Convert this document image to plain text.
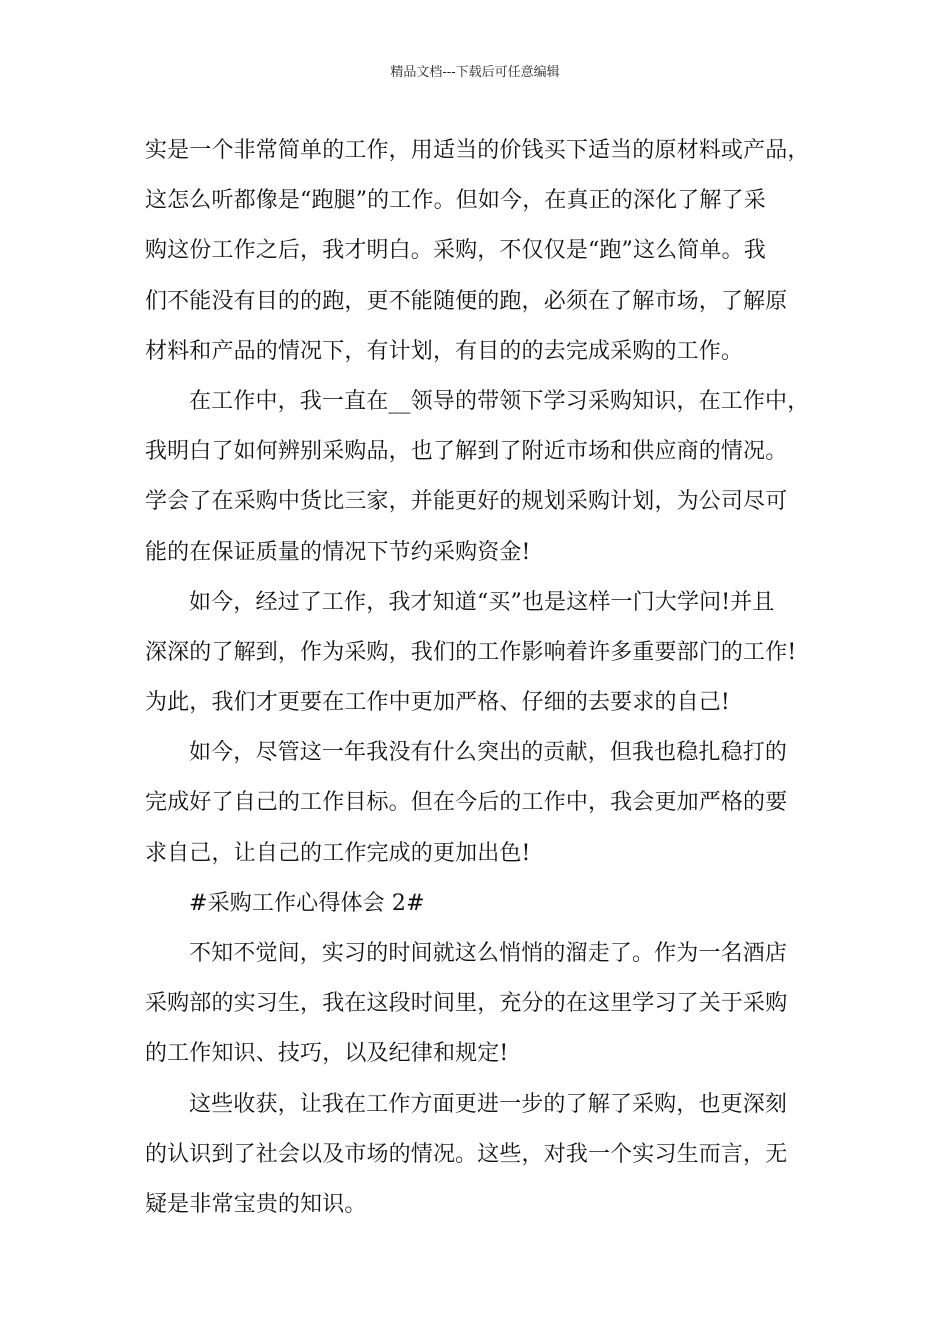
精品文档---下载后可任意编辑
实是一个非常简单的工作，用适当的价钱买下适当的原材料或产品，
这怎么听都像是“跑腿”的工作。但如今，在真正的深化了解了采
购这份工作之后，我才明白。采购，不仅仅是“跑”这么简单。我
们不能没有目的的跑，更不能随便的跑，必须在了解市场，了解原
材料和产品的情况下，有计划，有目的的去完成采购的工作。
在工作中，我一直在__领导的带领下学习采购知识，在工作中，
我明白了如何辨别采购品，也了解到了附近市场和供应商的情况。
学会了在采购中货比三家，并能更好的规划采购计划，为公司尽可
能的在保证质量的情况下节约采购资金!
如今，经过了工作，我才知道“买”也是这样一门大学问!并且
深深的了解到，作为采购，我们的工作影响着许多重要部门的工作!
为此，我们才更要在工作中更加严格、仔细的去要求的自己!
如今，尽管这一年我没有什么突出的贡献，但我也稳扎稳打的
完成好了自己的工作目标。但在今后的工作中，我会更加严格的要
求自己，让自己的工作完成的更加出色!
#采购工作心得体会 2#
不知不觉间，实习的时间就这么悄悄的溜走了。作为一名酒店
采购部的实习生，我在这段时间里，充分的在这里学习了关于采购
的工作知识、技巧，以及纪律和规定!
这些收获，让我在工作方面更进一步的了解了采购，也更深刻
的认识到了社会以及市场的情况。这些，对我一个实习生而言，无
疑是非常宝贵的知识。
